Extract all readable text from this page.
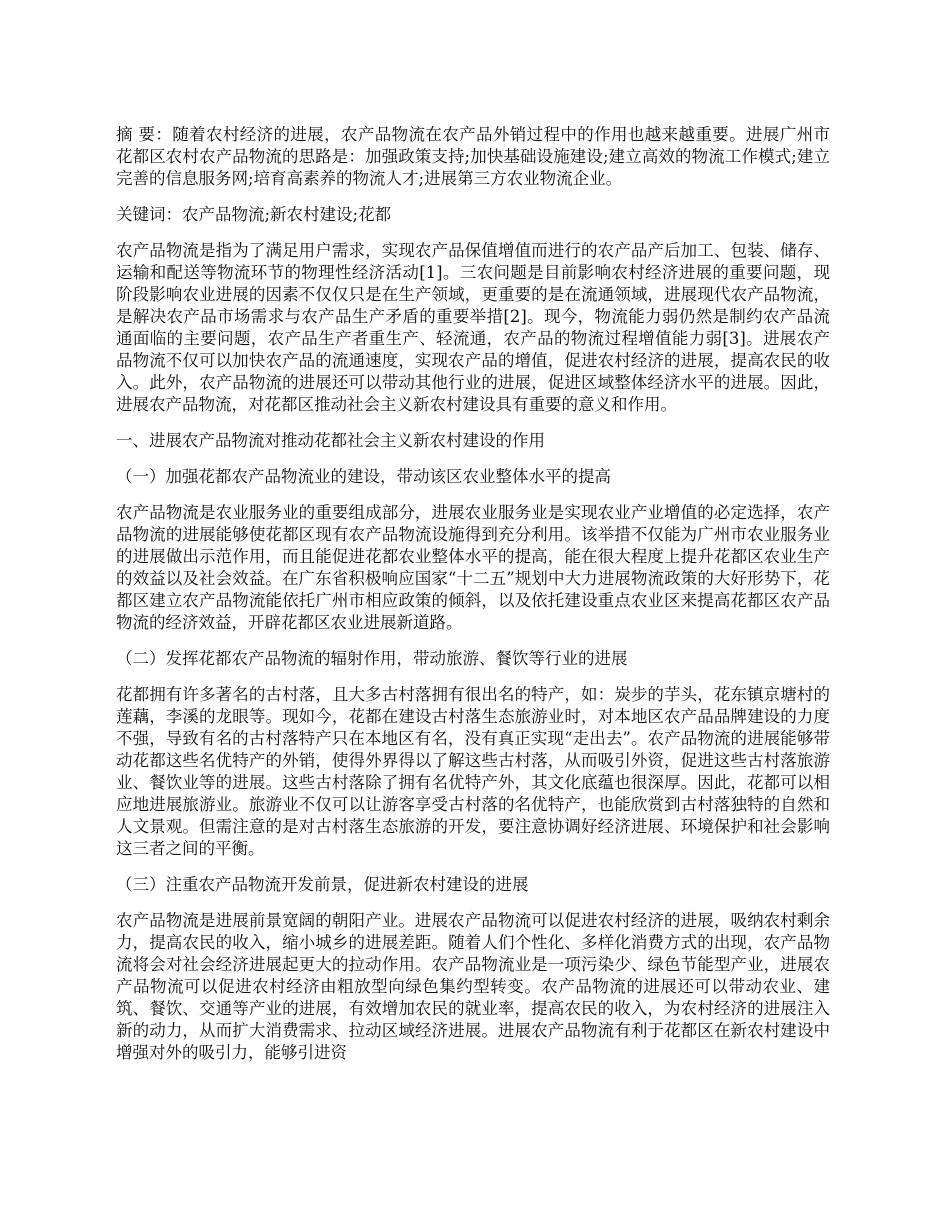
摘 要：随着农村经济的进展，农产品物流在农产品外销过程中的作用也越来越重要。进展广州市花都区农村农产品物流的思路是：加强政策支持;加快基础设施建设;建立高效的物流工作模式;建立完善的信息服务网;培育高素养的物流人才;进展第三方农业物流企业。

关键词：农产品物流;新农村建设;花都

农产品物流是指为了满足用户需求，实现农产品保值增值而进行的农产品产后加工、包装、储存、运输和配送等物流环节的物理性经济活动[1]。三农问题是目前影响农村经济进展的重要问题，现阶段影响农业进展的因素不仅仅只是在生产领域，更重要的是在流通领域，进展现代农产品物流，是解决农产品市场需求与农产品生产矛盾的重要举措[2]。现今，物流能力弱仍然是制约农产品流通面临的主要问题，农产品生产者重生产、轻流通，农产品的物流过程增值能力弱[3]。进展农产品物流不仅可以加快农产品的流通速度，实现农产品的增值，促进农村经济的进展，提高农民的收入。此外，农产品物流的进展还可以带动其他行业的进展，促进区域整体经济水平的进展。因此，进展农产品物流，对花都区推动社会主义新农村建设具有重要的意义和作用。

一、进展农产品物流对推动花都社会主义新农村建设的作用

（一）加强花都农产品物流业的建设，带动该区农业整体水平的提高

农产品物流是农业服务业的重要组成部分，进展农业服务业是实现农业产业增值的必定选择，农产品物流的进展能够使花都区现有农产品物流设施得到充分利用。该举措不仅能为广州市农业服务业的进展做出示范作用，而且能促进花都农业整体水平的提高，能在很大程度上提升花都区农业生产的效益以及社会效益。在广东省积极响应国家“十二五”规划中大力进展物流政策的大好形势下，花都区建立农产品物流能依托广州市相应政策的倾斜，以及依托建设重点农业区来提高花都区农产品物流的经济效益，开辟花都区农业进展新道路。

（二）发挥花都农产品物流的辐射作用，带动旅游、餐饮等行业的进展

花都拥有许多著名的古村落，且大多古村落拥有很出名的特产，如：炭步的芋头，花东镇京塘村的莲藕，李溪的龙眼等。现如今，花都在建设古村落生态旅游业时，对本地区农产品品牌建设的力度不强，导致有名的古村落特产只在本地区有名，没有真正实现“走出去”。农产品物流的进展能够带动花都这些名优特产的外销，使得外界得以了解这些古村落，从而吸引外资，促进这些古村落旅游业、餐饮业等的进展。这些古村落除了拥有名优特产外，其文化底蕴也很深厚。因此，花都可以相应地进展旅游业。旅游业不仅可以让游客享受古村落的名优特产，也能欣赏到古村落独特的自然和人文景观。但需注意的是对古村落生态旅游的开发，要注意协调好经济进展、环境保护和社会影响这三者之间的平衡。

（三）注重农产品物流开发前景，促进新农村建设的进展

农产品物流是进展前景宽阔的朝阳产业。进展农产品物流可以促进农村经济的进展，吸纳农村剩余力，提高农民的收入，缩小城乡的进展差距。随着人们个性化、多样化消费方式的出现，农产品物流将会对社会经济进展起更大的拉动作用。农产品物流业是一项污染少、绿色节能型产业，进展农产品物流可以促进农村经济由粗放型向绿色集约型转变。农产品物流的进展还可以带动农业、建筑、餐饮、交通等产业的进展，有效增加农民的就业率，提高农民的收入，为农村经济的进展注入新的动力，从而扩大消费需求、拉动区域经济进展。进展农产品物流有利于花都区在新农村建设中增强对外的吸引力，能够引进资
